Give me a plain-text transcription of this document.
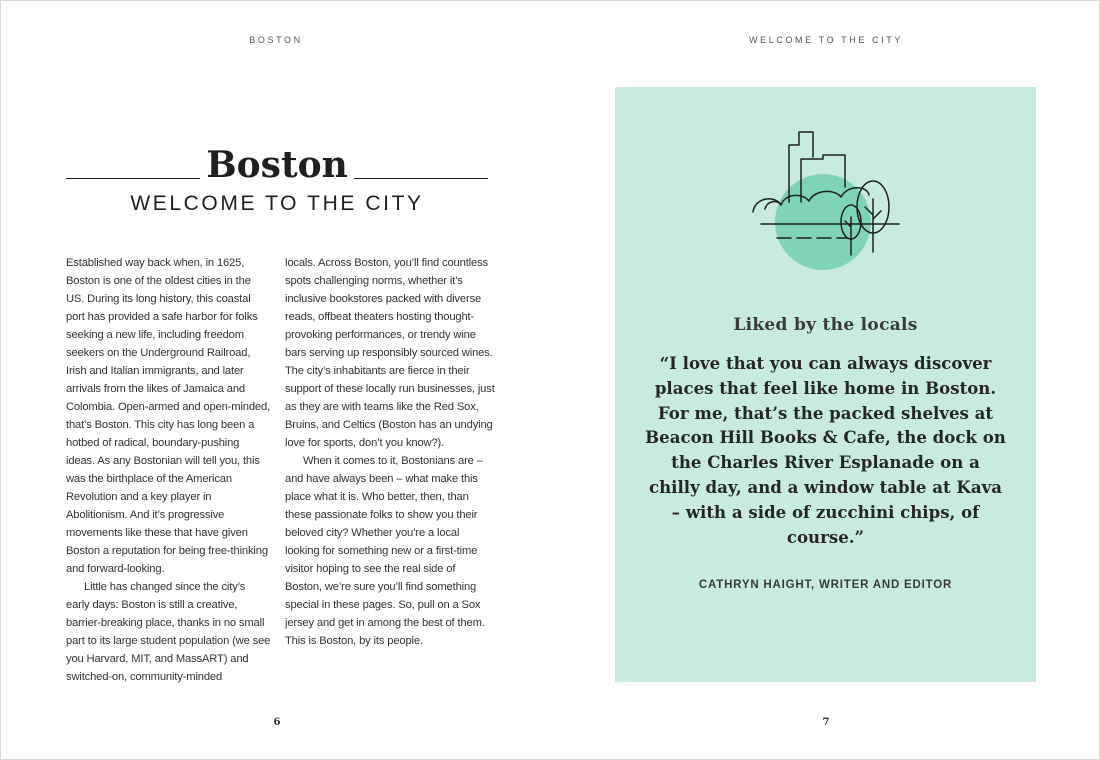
BOSTON
Boston
WELCOME TO THE CITY

Established way back when, in 1625, Boston is one of the oldest cities in the US. During its long history, this coastal port has provided a safe harbor for folks seeking a new life, including freedom seekers on the Underground Railroad, Irish and Italian immigrants, and later arrivals from the likes of Jamaica and Colombia. Open-armed and open-minded, that’s Boston. This city has long been a hotbed of radical, boundary-pushing ideas. As any Bostonian will tell you, this was the birthplace of the American Revolution and a key player in Abolitionism. And it’s progressive movements like these that have given Boston a reputation for being free-thinking and forward-looking.

Little has changed since the city’s early days: Boston is still a creative, barrier-breaking place, thanks in no small part to its large student population (we see you Harvard, MIT, and MassART) and switched-on, community-minded

locals. Across Boston, you’ll find countless spots challenging norms, whether it’s inclusive bookstores packed with diverse reads, offbeat theaters hosting thought-provoking performances, or trendy wine bars serving up responsibly sourced wines. The city’s inhabitants are fierce in their support of these locally run businesses, just as they are with teams like the Red Sox, Bruins, and Celtics (Boston has an undying love for sports, don’t you know?).

When it comes to it, Bostonians are – and have always been – what make this place what it is. Who better, then, than these passionate folks to show you their beloved city? Whether you’re a local looking for something new or a first-time visitor hoping to see the real side of Boston, we’re sure you’ll find something special in these pages. So, pull on a Sox jersey and get in among the best of them. This is Boston, by its people.

6
WELCOME TO THE CITY
Liked by the locals
“I love that you can always discover places that feel like home in Boston. For me, that’s the packed shelves at Beacon Hill Books & Cafe, the dock on the Charles River Esplanade on a chilly day, and a window table at Kava – with a side of zucchini chips, of course.”
CATHRYN HAIGHT, WRITER AND EDITOR
7
